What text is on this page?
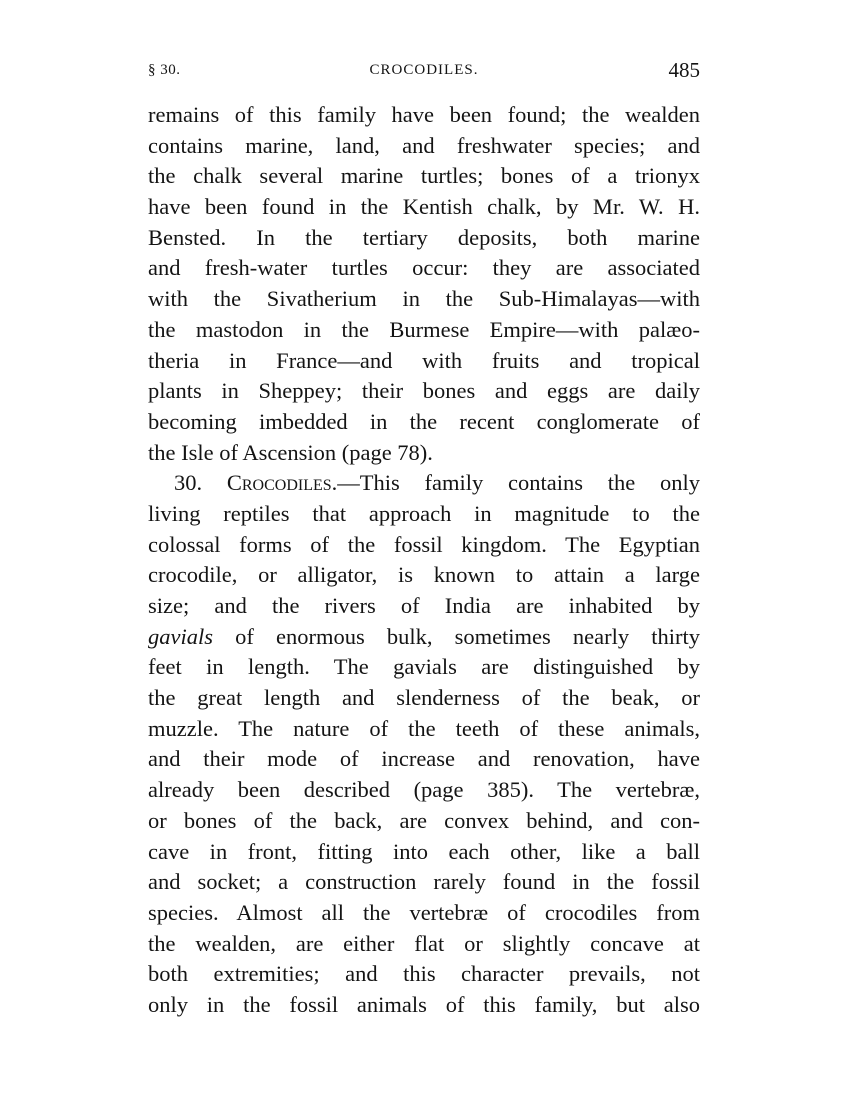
§ 30.	CROCODILES.	485
remains of this family have been found; the wealden
contains marine, land, and freshwater species; and
the chalk several marine turtles; bones of a trionyx
have been found in the Kentish chalk, by Mr. W. H.
Bensted. In the tertiary deposits, both marine
and fresh-water turtles occur: they are associated
with the Sivatherium in the Sub-Himalayas—with
the mastodon in the Burmese Empire—with palæo-
theria in France—and with fruits and tropical
plants in Sheppey; their bones and eggs are daily
becoming imbedded in the recent conglomerate of
the Isle of Ascension (page 78).
30. Crocodiles.—This family contains the only
living reptiles that approach in magnitude to the
colossal forms of the fossil kingdom. The Egyptian
crocodile, or alligator, is known to attain a large
size; and the rivers of India are inhabited by
gavials of enormous bulk, sometimes nearly thirty
feet in length. The gavials are distinguished by
the great length and slenderness of the beak, or
muzzle. The nature of the teeth of these animals,
and their mode of increase and renovation, have
already been described (page 385). The vertebræ,
or bones of the back, are convex behind, and con-
cave in front, fitting into each other, like a ball
and socket; a construction rarely found in the fossil
species. Almost all the vertebræ of crocodiles from
the wealden, are either flat or slightly concave at
both extremities; and this character prevails, not
only in the fossil animals of this family, but also
